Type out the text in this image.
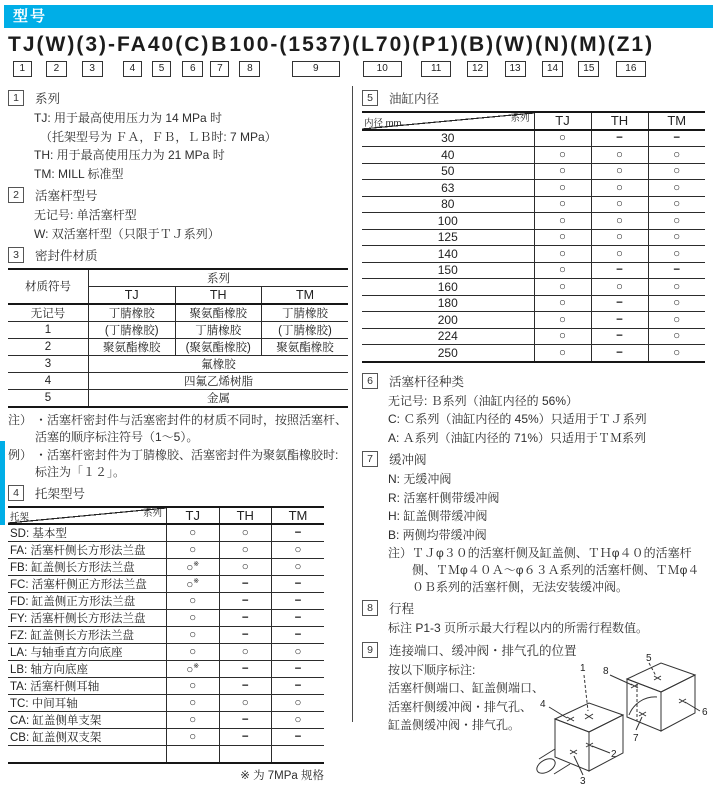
型号
TJ
1
(W)
2
(3)
3
- FA
4
40
5
(C)
6
B
7
100
8
- (1537)
9
(L70)
10
(P1)
11
(B)
12
(W)
13
(N)
14
(M)
15
(Z1)
16
1	系列
TJ: 用于最高使用压力为 14 MPa 时
　（托架型号为 ＦＡ，ＦＢ，ＬＢ时: 7 MPa）
TH: 用于最高使用压力为 21 MPa 时
TM: MILL 标准型
2	活塞杆型号
无记号: 单活塞杆型
W: 双活塞杆型（只限于ＴＪ系列）
3	密封件材质
材质符号	系列		
	TJ	TH	TM
无记号	丁腈橡胶	聚氨酯橡胶	丁腈橡胶
1	(丁腈橡胶)	丁腈橡胶	(丁腈橡胶)
2	聚氨酯橡胶	(聚氨酯橡胶)	聚氨酯橡胶
3	氟橡胶		
4	四氟乙烯树脂		
5	金属		
注） ・活塞杆密封件与活塞密封件的材质不同时，按照活塞杆、活塞的顺序标注符号（1～5）。
例） ・活塞杆密封件为丁腈橡胶、活塞密封件为聚氨酯橡胶时: 标注为「１２」。
4	托架型号
系列
托架	TJ	TH	TM
SD: 基本型	○	○	−
FA: 活塞杆侧长方形法兰盘	○	○	○
FB: 缸盖侧长方形法兰盘	○※	○	○
FC: 活塞杆侧正方形法兰盘	○※	−	−
FD: 缸盖侧正方形法兰盘	○	−	−
FY: 活塞杆侧长方形法兰盘	○	−	−
FZ: 缸盖侧长方形法兰盘	○	−	−
LA: 与轴垂直方向底座	○	○	○
LB: 轴方向底座	○※	−	−
TA: 活塞杆侧耳轴	○	−	−
TC: 中间耳轴	○	○	○
CA: 缸盖侧单支架	○	−	○
CB: 缸盖侧双支架	○	−	−

※ 为 7MPa 规格
5	油缸内径
系列
内径 mm	TJ	TH	TM
30	○	−	−
40	○	○	○
50	○	○	○
63	○	○	○
80	○	○	○
100	○	○	○
125	○	○	○
140	○	○	○
150	○	−	−
160	○	○	○
180	○	−	○
200	○	−	○
224	○	−	○
250	○	−	○
6	活塞杆径种类
无记号: Ｂ系列（油缸内径的 56%）
C: Ｃ系列（油缸内径的 45%）只适用于ＴＪ系列
A: Ａ系列（油缸内径的 71%）只适用于ＴＭ系列
7	缓冲阀
N: 无缓冲阀
R: 活塞杆侧带缓冲阀
H: 缸盖侧带缓冲阀
B: 两侧均带缓冲阀
注） ＴＪφ３０的活塞杆侧及缸盖侧、ＴＨφ４０的活塞杆侧、ＴＭφ４０Ａ～φ６３Ａ系列的活塞杆侧、ＴＭφ４０Ｂ系列的活塞杆侧，无法安装缓冲阀。
8	行程
标注 P1-3 页所示最大行程以内的所需行程数值。
9	连接端口、缓冲阀・排气孔的位置
按以下顺序标注:
活塞杆侧端口、缸盖侧端口、
活塞杆侧缓冲阀・排气孔、
缸盖侧缓冲阀・排气孔。
1
2
3
4
5
6
7
8
